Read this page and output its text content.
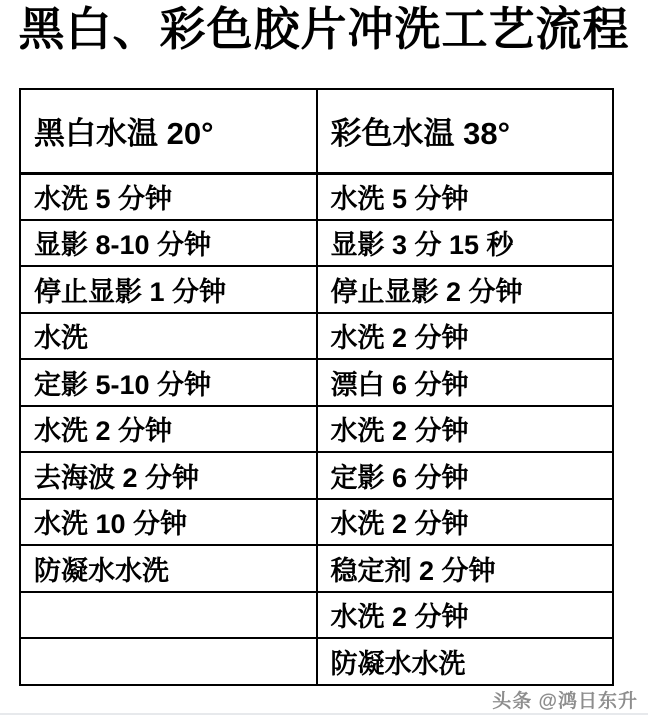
黑白、彩色胶片冲洗工艺流程
黑白水温 20°	彩色水温 38°
水洗 5 分钟	水洗 5 分钟
显影 8-10 分钟	显影 3 分 15 秒
停止显影 1 分钟	停止显影 2 分钟
水洗	水洗 2 分钟
定影 5-10 分钟	漂白 6 分钟
水洗 2 分钟	水洗 2 分钟
去海波 2 分钟	定影 6 分钟
水洗 10 分钟	水洗 2 分钟
防凝水水洗	稳定剂 2 分钟
	水洗 2 分钟
	防凝水水洗
头条 @鸿日东升
